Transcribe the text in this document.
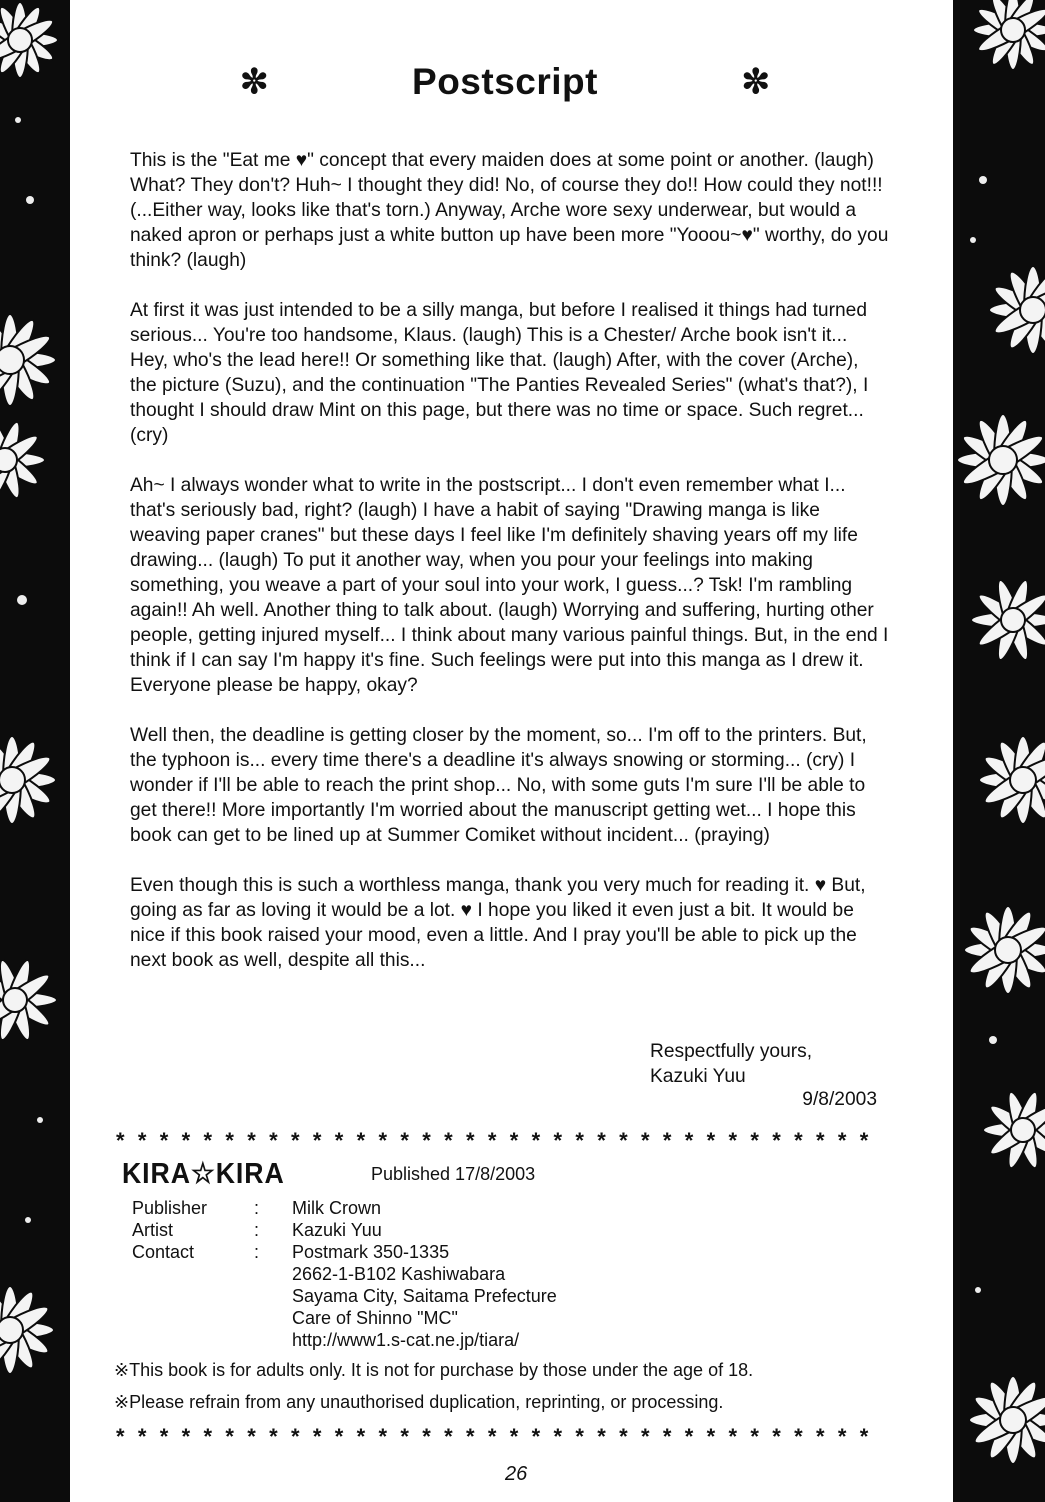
✼	Postscript	✼

This is the "Eat me ♥" concept that every maiden does at some point or another. (laugh) What? They don't? Huh~ I thought they did! No, of course they do!! How could they not!!! (...Either way, looks like that's torn.) Anyway, Arche wore sexy underwear, but would a naked apron or perhaps just a white button up have been more "Yooou~♥" worthy, do you think? (laugh)

At first it was just intended to be a silly manga, but before I realised it things had turned serious... You're too handsome, Klaus. (laugh) This is a Chester/ Arche book isn't it... Hey, who's the lead here!! Or something like that. (laugh) After, with the cover (Arche), the picture (Suzu), and the continuation "The Panties Revealed Series" (what's that?), I thought I should draw Mint on this page, but there was no time or space. Such regret... (cry)

Ah~ I always wonder what to write in the postscript... I don't even remember what I... that's seriously bad, right? (laugh) I have a habit of saying "Drawing manga is like weaving paper cranes" but these days I feel like I'm definitely shaving years off my life drawing... (laugh) To put it another way, when you pour your feelings into making something, you weave a part of your soul into your work, I guess...? Tsk! I'm rambling again!! Ah well. Another thing to talk about. (laugh) Worrying and suffering, hurting other people, getting injured myself... I think about many various painful things. But, in the end I think if I can say I'm happy it's fine. Such feelings were put into this manga as I drew it. Everyone please be happy, okay?

Well then, the deadline is getting closer by the moment, so... I'm off to the printers. But, the typhoon is... every time there's a deadline it's always snowing or storming... (cry) I wonder if I'll be able to reach the print shop... No, with some guts I'm sure I'll be able to get there!! More importantly I'm worried about the manuscript getting wet... I hope this book can get to be lined up at Summer Comiket without incident... (praying)

Even though this is such a worthless manga, thank you very much for reading it. ♥ But, going as far as loving it would be a lot. ♥ I hope you liked it even just a bit. It would be nice if this book raised your mood, even a little. And I pray you'll be able to pick up the next book as well, despite all this...

Respectfully yours,
Kazuki Yuu
9/8/2003
* * * * * * * * * * * * * * * * * * * * * * * * * * * * * * * * * * *
KIRA☆KIRA	Published 17/8/2003
Publisher	:	Milk Crown
Artist	:	Kazuki Yuu
Contact	:	Postmark 350-1335
2662-1-B102 Kashiwabara
Sayama City, Saitama Prefecture
Care of Shinno "MC"
http://www1.s-cat.ne.jp/tiara/
※This book is for adults only. It is not for purchase by those under the age of 18.
※Please refrain from any unauthorised duplication, reprinting, or processing.
* * * * * * * * * * * * * * * * * * * * * * * * * * * * * * * * * * *
26
